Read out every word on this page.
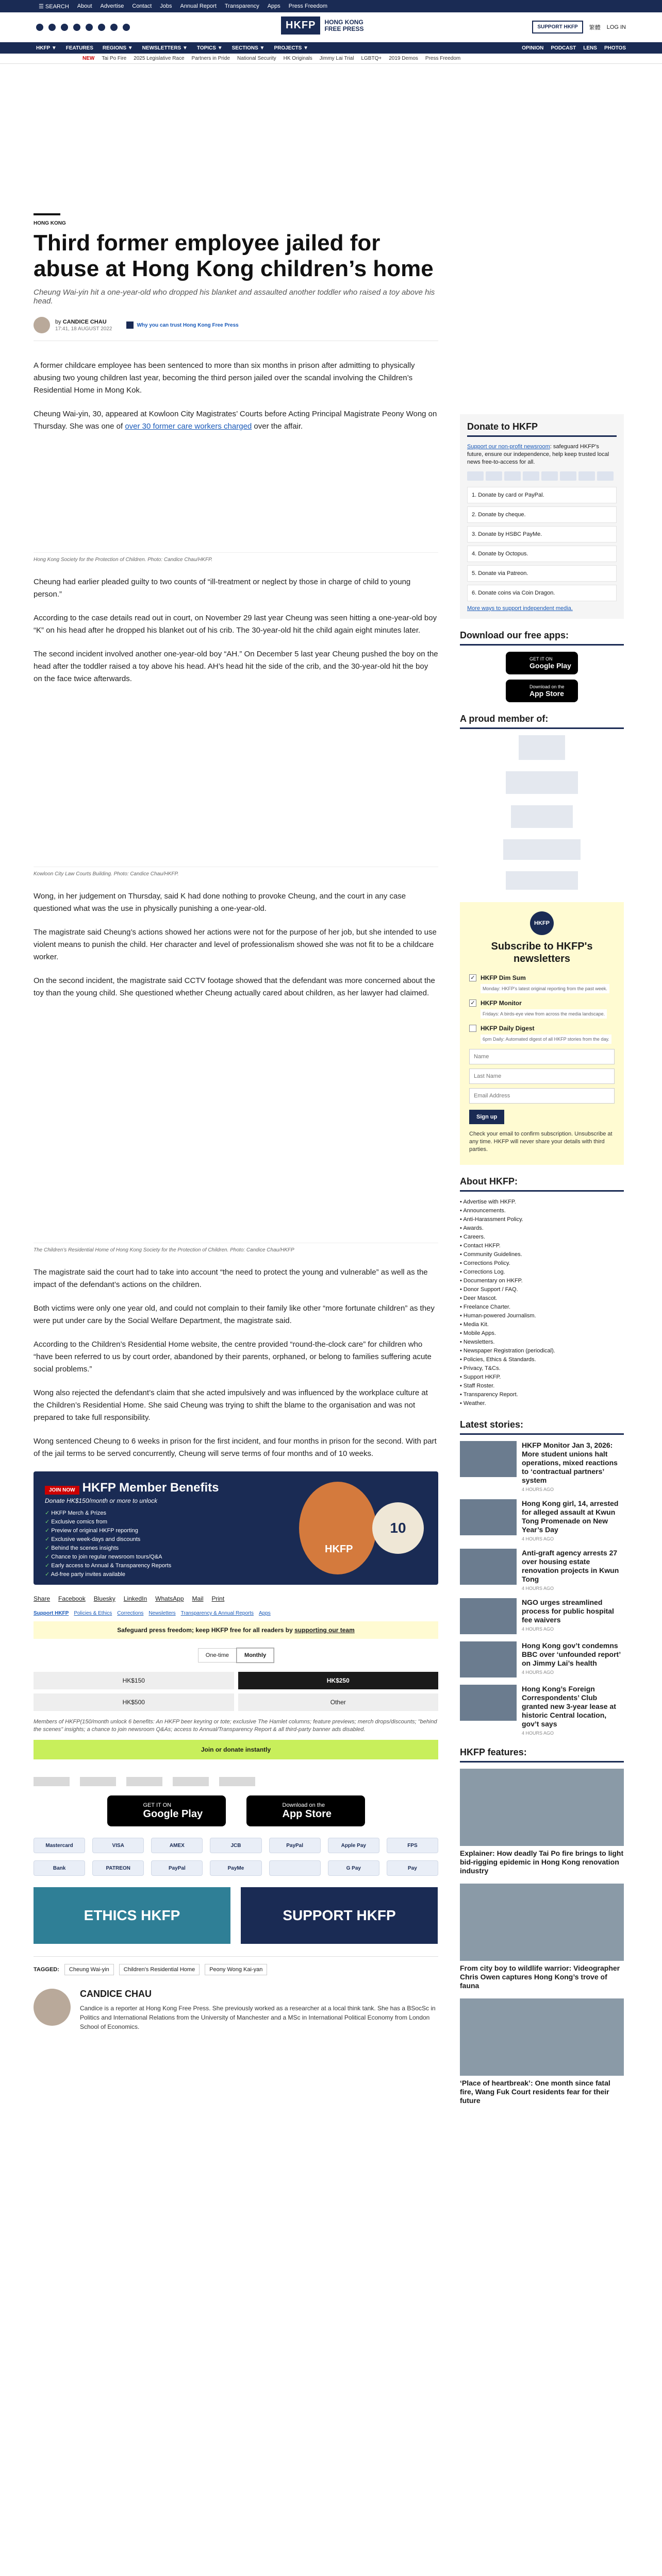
☰ SEARCH About Advertise Contact Jobs Annual Report Transparency Apps Press Freedom
HKFP	HONG KONG
FREE PRESS	SUPPORT HKFP	繁體 LOG IN
HKFP ▼ FEATURES REGIONS ▼ NEWSLETTERS ▼ TOPICS ▼ SECTIONS ▼ PROJECTS ▼	OPINION PODCAST LENS PHOTOS
NEW Tai Po Fire 2025 Legislative Race Partners in Pride National Security HK Originals Jimmy Lai Trial LGBTQ+ 2019 Demos Press Freedom
HONG KONG
Third former employee jailed for abuse at Hong Kong children’s home
Cheung Wai-yin hit a one-year-old who dropped his blanket and assaulted another toddler who raised a toy above his head.
by CANDICE CHAU
17:41, 18 AUGUST 2022
Why you can trust Hong Kong Free Press

A former childcare employee has been sentenced to more than six months in prison after admitting to physically abusing two young children last year, becoming the third person jailed over the scandal involving the Children’s Residential Home in Mong Kok.

Cheung Wai-yin, 30, appeared at Kowloon City Magistrates’ Courts before Acting Principal Magistrate Peony Wong on Thursday. She was one of over 30 former care workers charged over the affair.

Hong Kong Society for the Protection of Children. Photo: Candice Chau/HKFP.

Cheung had earlier pleaded guilty to two counts of “ill-treatment or neglect by those in charge of child to young person.”

According to the case details read out in court, on November 29 last year Cheung was seen hitting a one-year-old boy “K” on his head after he dropped his blanket out of his crib. The 30-year-old hit the child again eight minutes later.

The second incident involved another one-year-old boy “AH.” On December 5 last year Cheung pushed the boy on the head after the toddler raised a toy above his head. AH’s head hit the side of the crib, and the 30-year-old hit the boy on the face twice afterwards.

Kowloon City Law Courts Building. Photo: Candice Chau/HKFP.

Wong, in her judgement on Thursday, said K had done nothing to provoke Cheung, and the court in any case questioned what was the use in physically punishing a one-year-old.

The magistrate said Cheung’s actions showed her actions were not for the purpose of her job, but she intended to use violent means to punish the child. Her character and level of professionalism showed she was not fit to be a childcare worker.

On the second incident, the magistrate said CCTV footage showed that the defendant was more concerned about the toy than the young child. She questioned whether Cheung actually cared about children, as her lawyer had claimed.

The Children’s Residential Home of Hong Kong Society for the Protection of Children. Photo: Candice Chau/HKFP

The magistrate said the court had to take into account “the need to protect the young and vulnerable” as well as the impact of the defendant’s actions on the children.

Both victims were only one year old, and could not complain to their family like other “more fortunate children” as they were put under care by the Social Welfare Department, the magistrate said.

According to the Children’s Residential Home website, the centre provided “round-the-clock care” for children who “have been referred to us by court order, abandoned by their parents, orphaned, or belong to families suffering acute social problems.”

Wong also rejected the defendant’s claim that she acted impulsively and was influenced by the workplace culture at the Children’s Residential Home. She said Cheung was trying to shift the blame to the organisation and was not prepared to take full responsibility.

Wong sentenced Cheung to 6 weeks in prison for the first incident, and four months in prison for the second. With part of the jail terms to be served concurrently, Cheung will serve terms of four months and of 10 weeks.

JOIN NOW HKFP Member Benefits
Donate HK$150/month or more to unlock
✓ HKFP Merch & Prizes
✓ Exclusive comics from
✓ Preview of original HKFP reporting
✓ Exclusive week-days and discounts
✓ Behind the scenes insights
✓ Chance to join regular newsroom tours/Q&A
✓ Early access to Annual & Transparency Reports
✓ Ad-free party invites available
HKFP
10
Share Facebook Bluesky LinkedIn WhatsApp Mail Print
Support HKFP Policies & Ethics Corrections Newsletters Transparency & Annual Reports Apps
Safeguard press freedom; keep HKFP free for all readers by supporting our team
One-time	Monthly
HK$150	HK$250
HK$500	Other
Members of HKFP(150/month unlock 6 benefits: An HKFP beer keyring or tote; exclusive The Hamlet columns; feature previews; merch drops/discounts; "behind the scenes" insights; a chance to join newsroom Q&As; access to Annual/Transparency Report & all third-party banner ads disabled.
Join or donate instantly
GET IT ON
Google Play
Download on the
App Store
Mastercard	VISA	AMEX	JCB	PayPal	Apple Pay	FPS
Bank	PATREON	PayPal	PayMe	G Pay	Pay
ETHICS HKFP	SUPPORT HKFP
TAGGED:	Cheung Wai-yin	Children's Residential Home	Peony Wong Kai-yan
CANDICE CHAU

Candice is a reporter at Hong Kong Free Press. She previously worked as a researcher at a local think tank. She has a BSocSc in Politics and International Relations from the University of Manchester and a MSc in International Political Economy from London School of Economics.

Donate to HKFP

Support our non-profit newsroom: safeguard HKFP's future, ensure our independence, help keep trusted local news free-to-access for all.

1. Donate by card or PayPal.
2. Donate by cheque.
3. Donate by HSBC PayMe.
4. Donate by Octopus.
5. Donate via Patreon.
6. Donate coins via Coin Dragon.
More ways to support independent media.
Download our free apps:
GET IT ON
Google Play
Download on the
App Store
A proud member of:
HKFP
Subscribe to HKFP's newsletters
✓ HKFP Dim Sum
Monday: HKFP's latest original reporting from the past week.
✓ HKFP Monitor
Fridays: A birds-eye view from across the media landscape.
HKFP Daily Digest
6pm Daily: Automated digest of all HKFP stories from the day.
Name Last Name Email Address Sign up
Check your email to confirm subscription. Unsubscribe at any time. HKFP will never share your details with third parties.
About HKFP:
• Advertise with HKFP.
• Announcements.
• Anti-Harassment Policy.
• Awards.
• Careers.
• Contact HKFP.
• Community Guidelines.
• Corrections Policy.
• Corrections Log.
• Documentary on HKFP.
• Donor Support / FAQ.
• Deer Mascot.
• Freelance Charter.
• Human-powered Journalism.
• Media Kit.
• Mobile Apps.
• Newsletters.
• Newspaper Registration (periodical).
• Policies, Ethics & Standards.
• Privacy, T&Cs.
• Support HKFP.
• Staff Roster.
• Transparency Report.
• Weather.
Latest stories:
HKFP Monitor Jan 3, 2026: More student unions halt operations, mixed reactions to ‘contractual partners’ system
4 HOURS AGO
Hong Kong girl, 14, arrested for alleged assault at Kwun Tong Promenade on New Year’s Day
4 HOURS AGO
Anti-graft agency arrests 27 over housing estate renovation projects in Kwun Tong
4 HOURS AGO
NGO urges streamlined process for public hospital fee waivers
4 HOURS AGO
Hong Kong gov’t condemns BBC over ‘unfounded report’ on Jimmy Lai’s health
4 HOURS AGO
Hong Kong’s Foreign Correspondents’ Club granted new 3-year lease at historic Central location, gov’t says
4 HOURS AGO
HKFP features:
Explainer: How deadly Tai Po fire brings to light bid-rigging epidemic in Hong Kong renovation industry
From city boy to wildlife warrior: Videographer Chris Owen captures Hong Kong’s trove of fauna
‘Place of heartbreak’: One month since fatal fire, Wang Fuk Court residents fear for their future
